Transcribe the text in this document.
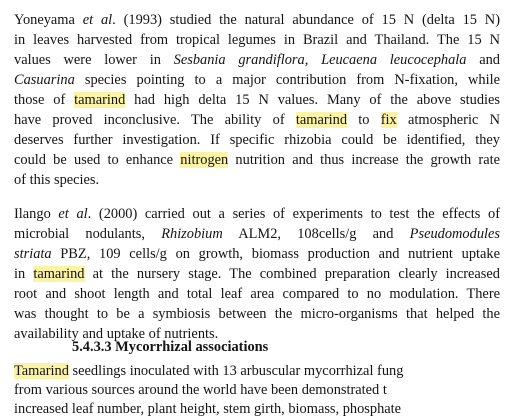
Yoneyama et al. (1993) studied the natural abundance of 15 N (delta 15 N)
in leaves harvested from tropical legumes in Brazil and Thailand. The 15 N
values were lower in Sesbania grandiflora, Leucaena leucocephala and
Casuarina species pointing to a major contribution from N-fixation, while
those of tamarind had high delta 15 N values. Many of the above studies
have proved inconclusive. The ability of tamarind to fix atmospheric N
deserves further investigation. If specific rhizobia could be identified, they
could be used to enhance nitrogen nutrition and thus increase the growth rate
of this species.
Ilango et al. (2000) carried out a series of experiments to test the effects of
microbial nodulants, Rhizobium ALM2, 108cells/g and Pseudomodules
striata PBZ, 109 cells/g on growth, biomass production and nutrient uptake
in tamarind at the nursery stage. The combined preparation clearly increased
root and shoot length and total leaf area compared to no modulation. There
was thought to be a symbiosis between the micro-organisms that helped the
availability and uptake of nutrients.
5.4.3.3 Mycorrhizal associations
Tamarind seedlings inoculated with 13 arbuscular mycorrhizal fung
from various sources around the world have been demonstrated t
increased leaf number, plant height, stem girth, biomass, phosphate
